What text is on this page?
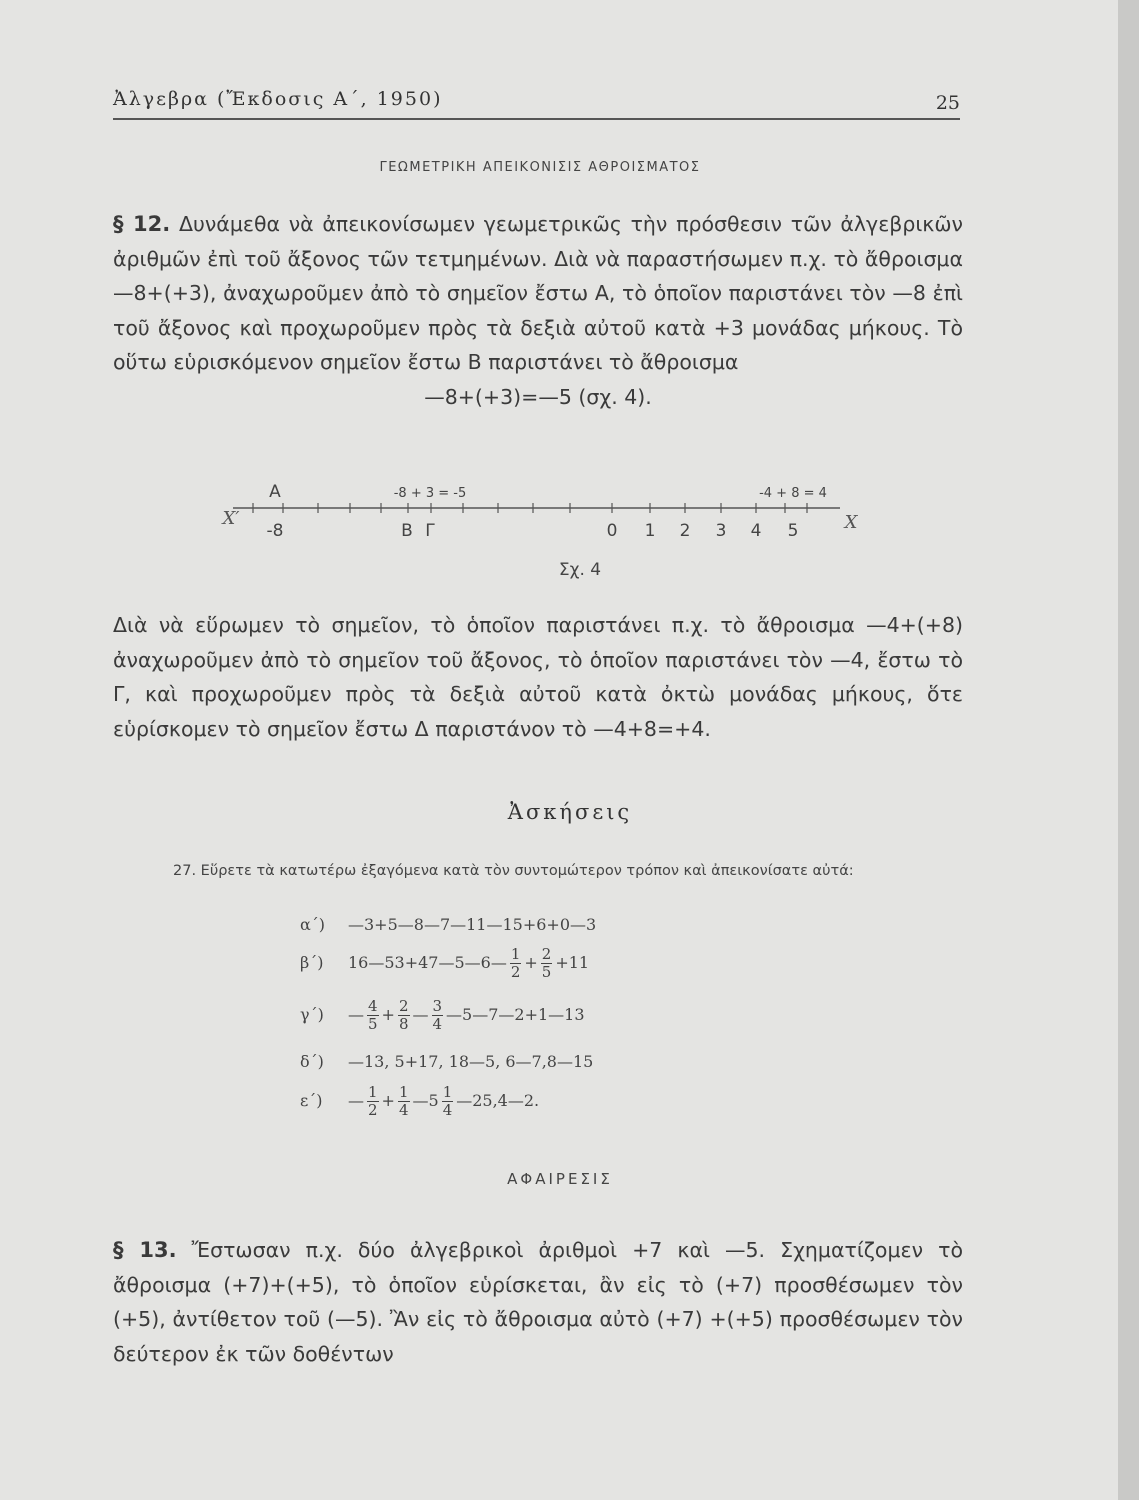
Ἀλγεβρα (Ἔκδοσις Α΄, 1950)	25
ΓΕΩΜΕΤΡΙΚΗ ΑΠΕΙΚΟΝΙΣΙΣ ΑΘΡΟΙΣΜΑΤΟΣ

§ 12. Δυνάμεθα νὰ ἀπεικονίσωμεν γεωμετρικῶς τὴν πρόσθεσιν τῶν ἀλγεβρικῶν ἀριθμῶν ἐπὶ τοῦ ἄξονος τῶν τετμημένων. Διὰ νὰ παραστήσωμεν π.χ. τὸ ἄθροισμα —8+(+3), ἀναχωροῦμεν ἀπὸ τὸ σημεῖον ἔστω Α, τὸ ὁποῖον παριστάνει τὸν —8 ἐπὶ τοῦ ἄξονος καὶ προχωροῦμεν πρὸς τὰ δεξιὰ αὐτοῦ κατὰ +3 μονάδας μήκους. Τὸ οὕτω εὑρισκόμενον σημεῖον ἔστω Β παριστάνει τὸ ἄθροισμα
—8+(+3)=—5 (σχ. 4).

Α	-8 + 3 = -5	-4 + 8 = 4
X′
-8	Β Γ	0 1 2 3 4 5	X
Σχ. 4

Διὰ νὰ εὕρωμεν τὸ σημεῖον, τὸ ὁποῖον παριστάνει π.χ. τὸ ἄθροισμα —4+(+8) ἀναχωροῦμεν ἀπὸ τὸ σημεῖον τοῦ ἄξονος, τὸ ὁποῖον παριστάνει τὸν —4, ἔστω τὸ Γ, καὶ προχωροῦμεν πρὸς τὰ δεξιὰ αὐτοῦ κατὰ ὀκτὼ μονάδας μήκους, ὅτε εὑρίσκομεν τὸ σημεῖον ἔστω Δ παριστάνον τὸ —4+8=+4.

Ἀσκήσεις

27. Εὕρετε τὰ κατωτέρω ἐξαγόμενα κατὰ τὸν συντομώτερον τρόπον καὶ ἀπεικονίσατε αὐτά:

α΄) —3+5—8—7—11—15+6+0—3
β΄) 16—53+47—5—6— $\frac{1}{2} + \frac{2}{5} +11$
γ΄) — $\frac{4}{5} + \frac{2}{8}$ — $\frac{3}{4}$ —5—7—2+1—13
δ΄) —13, 5+17, 18—5, 6—7,8—15
ε΄) — $\frac{1}{2} + \frac{1}{4}$ —5 $\frac{1}{4}$ —25,4—2.
ΑΦΑΙΡΕΣΙΣ

§ 13. Ἔστωσαν π.χ. δύο ἀλγεβρικοὶ ἀριθμοὶ +7 καὶ —5. Σχηματίζομεν τὸ ἄθροισμα (+7)+(+5), τὸ ὁποῖον εὑρίσκεται, ἂν εἰς τὸ (+7) προσθέσωμεν τὸν (+5), ἀντίθετον τοῦ (—5). Ἂν εἰς τὸ ἄθροισμα αὐτὸ (+7) +(+5) προσθέσωμεν τὸν δεύτερον ἐκ τῶν δοθέντων
